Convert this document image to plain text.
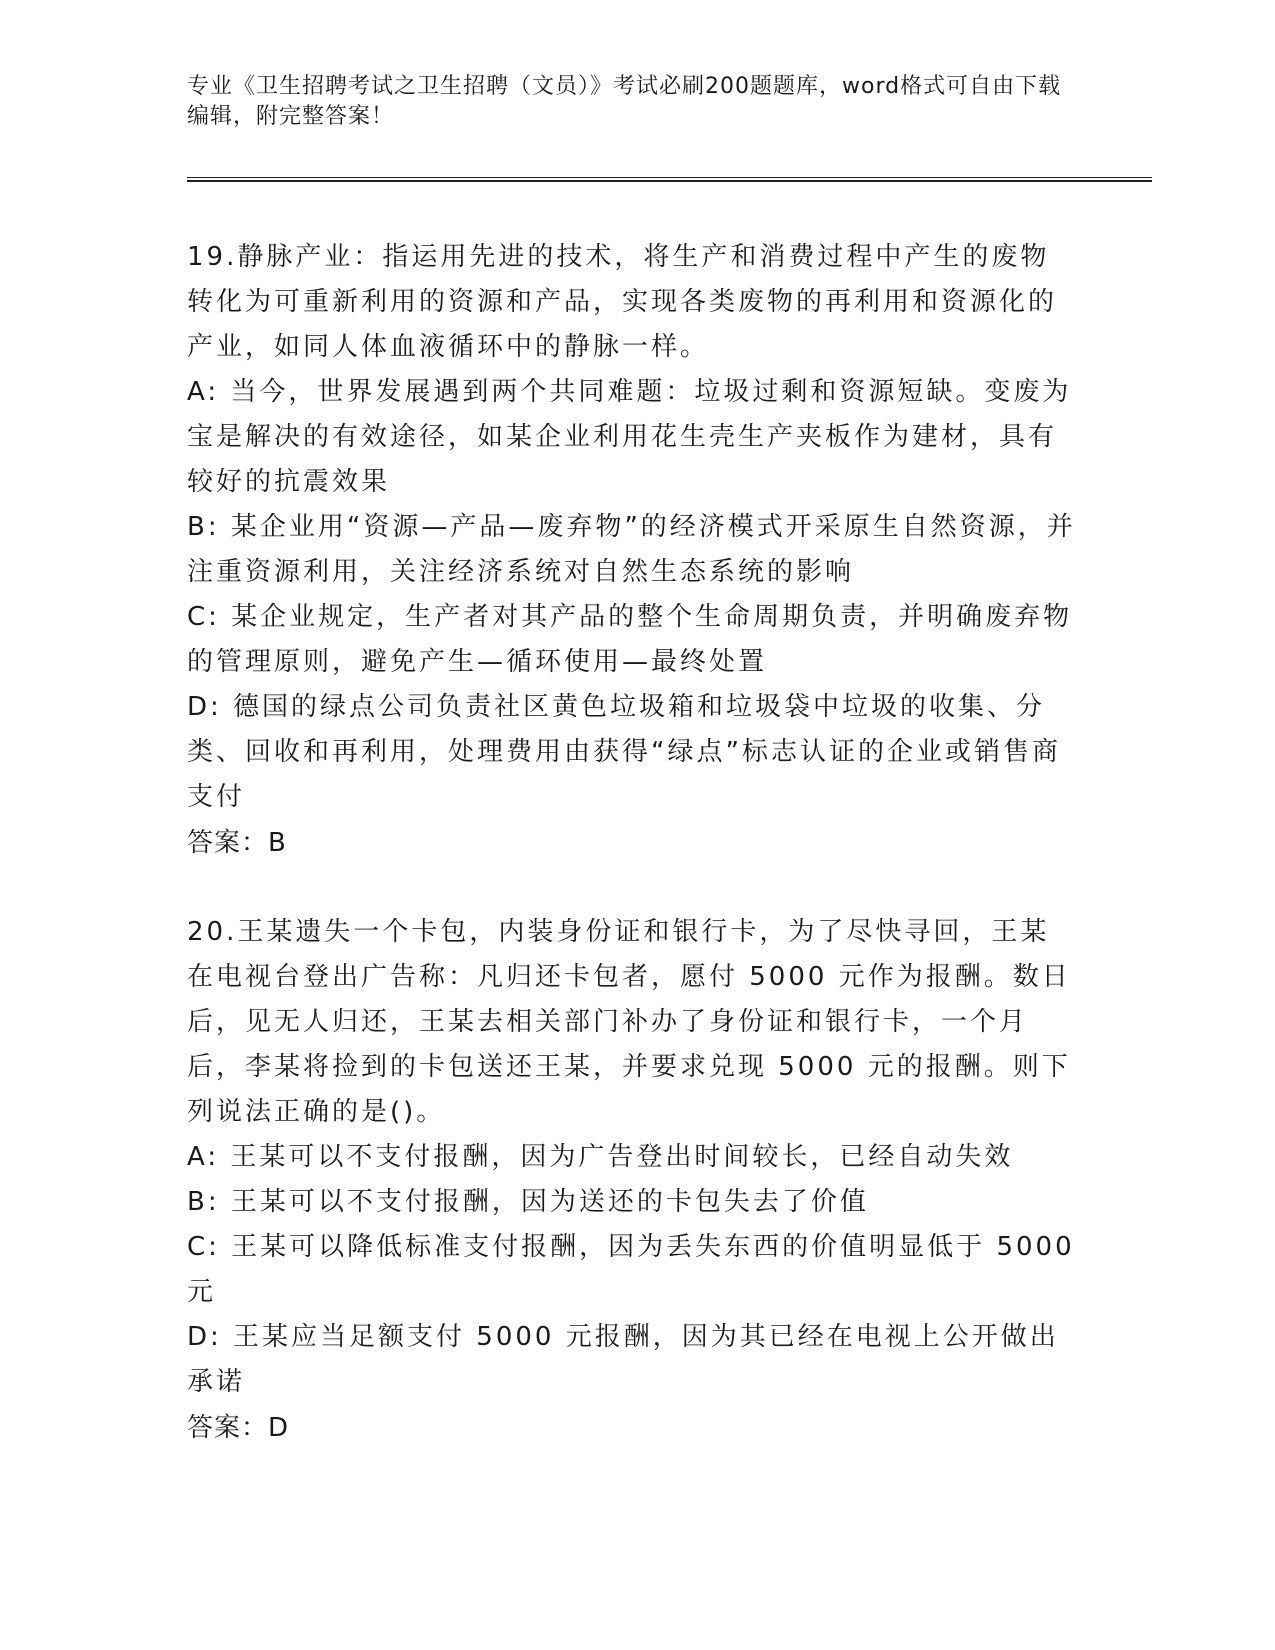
专业《卫生招聘考试之卫生招聘（文员）》考试必刷200题题库，word格式可自由下载编辑，附完整答案！

19.静脉产业：指运用先进的技术，将生产和消费过程中产生的废物转化为可重新利用的资源和产品，实现各类废物的再利用和资源化的产业，如同人体血液循环中的静脉一样。

A: 当今，世界发展遇到两个共同难题：垃圾过剩和资源短缺。变废为宝是解决的有效途径，如某企业利用花生壳生产夹板作为建材，具有较好的抗震效果

B: 某企业用“资源—产品—废弃物”的经济模式开采原生自然资源，并注重资源利用，关注经济系统对自然生态系统的影响

C: 某企业规定，生产者对其产品的整个生命周期负责，并明确废弃物的管理原则，避免产生—循环使用—最终处置

D: 德国的绿点公司负责社区黄色垃圾箱和垃圾袋中垃圾的收集、分类、回收和再利用，处理费用由获得“绿点”标志认证的企业或销售商支付

答案：B

20.王某遗失一个卡包，内装身份证和银行卡，为了尽快寻回，王某在电视台登出广告称：凡归还卡包者，愿付 5000 元作为报酬。数日后，见无人归还，王某去相关部门补办了身份证和银行卡，一个月后，李某将捡到的卡包送还王某，并要求兑现 5000 元的报酬。则下列说法正确的是()。

A: 王某可以不支付报酬，因为广告登出时间较长，已经自动失效

B: 王某可以不支付报酬，因为送还的卡包失去了价值

C: 王某可以降低标准支付报酬，因为丢失东西的价值明显低于 5000 元

D: 王某应当足额支付 5000 元报酬，因为其已经在电视上公开做出承诺

答案：D
